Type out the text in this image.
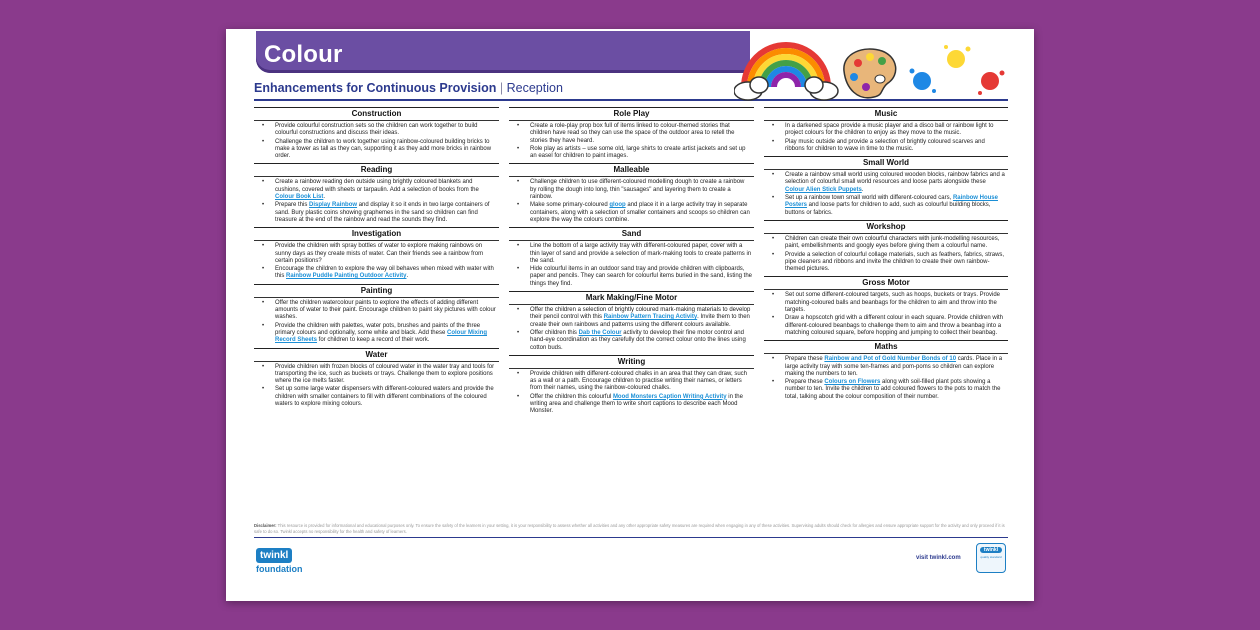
Colour
Enhancements for Continuous Provision | Reception
Construction
• Provide colourful construction sets so the children can work together to build colourful constructions and discuss their ideas.
• Challenge the children to work together using rainbow-coloured building bricks to make a tower as tall as they can, supporting it as they add more bricks in rainbow order.
Reading
• Create a rainbow reading den outside using brightly coloured blankets and cushions, covered with sheets or tarpaulin. Add a selection of books from the Colour Book List.
• Prepare this Display Rainbow and display it so it ends in two large containers of sand. Bury plastic coins showing graphemes in the sand so children can find treasure at the end of the rainbow and read the sounds they find.
Investigation
• Provide the children with spray bottles of water to explore making rainbows on sunny days as they create mists of water. Can their friends see a rainbow from certain positions?
• Encourage the children to explore the way oil behaves when mixed with water with this Rainbow Puddle Painting Outdoor Activity.
Painting
• Offer the children watercolour paints to explore the effects of adding different amounts of water to their paint. Encourage children to paint sky pictures with colour washes.
• Provide the children with palettes, water pots, brushes and paints of the three primary colours and optionally, some white and black. Add these Colour Mixing Record Sheets for children to keep a record of their work.
Water
• Provide children with frozen blocks of coloured water in the water tray and tools for transporting the ice, such as buckets or trays. Challenge them to explore positions where the ice melts faster.
• Set up some large water dispensers with different-coloured waters and provide the children with smaller containers to fill with different combinations of the coloured waters to explore mixing colours.
Role Play
• Create a role-play prop box full of items linked to colour-themed stories that children have read so they can use the space of the outdoor area to retell the stories they have heard.
• Role play as artists – use some old, large shirts to create artist jackets and set up an easel for children to paint images.
Malleable
• Challenge children to use different-coloured modelling dough to create a rainbow by rolling the dough into long, thin "sausages" and layering them to create a rainbow.
• Make some primary-coloured gloop and place it in a large activity tray in separate containers, along with a selection of smaller containers and scoops so children can explore the way the colours combine.
Sand
• Line the bottom of a large activity tray with different-coloured paper, cover with a thin layer of sand and provide a selection of mark-making tools to create patterns in the sand.
• Hide colourful items in an outdoor sand tray and provide children with clipboards, paper and pencils. They can search for colourful items buried in the sand, listing the things they find.
Mark Making/Fine Motor
• Offer the children a selection of brightly coloured mark-making materials to develop their pencil control with this Rainbow Pattern Tracing Activity. Invite them to then create their own rainbows and patterns using the different colours available.
• Offer children this Dab the Colour activity to develop their fine motor control and hand-eye coordination as they carefully dot the correct colour onto the lines using cotton buds.
Writing
• Provide children with different-coloured chalks in an area that they can draw, such as a wall or a path. Encourage children to practise writing their names, or letters from their names, using the rainbow-coloured chalks.
• Offer the children this colourful Mood Monsters Caption Writing Activity in the writing area and challenge them to write short captions to describe each Mood Monster.
Music
• In a darkened space provide a music player and a disco ball or rainbow light to project colours for the children to enjoy as they move to the music.
• Play music outside and provide a selection of brightly coloured scarves and ribbons for children to wave in time to the music.
Small World
• Create a rainbow small world using coloured wooden blocks, rainbow fabrics and a selection of colourful small world resources and loose parts alongside these Colour Alien Stick Puppets.
• Set up a rainbow town small world with different-coloured cars, Rainbow House Posters and loose parts for children to add, such as colourful building blocks, buttons or fabrics.
Workshop
• Children can create their own colourful characters with junk-modelling resources, paint, embellishments and googly eyes before giving them a colourful name.
• Provide a selection of colourful collage materials, such as feathers, fabrics, straws, pipe cleaners and ribbons and invite the children to create their own rainbow-themed pictures.
Gross Motor
• Set out some different-coloured targets, such as hoops, buckets or trays. Provide matching-coloured balls and beanbags for the children to aim and throw into the targets.
• Draw a hopscotch grid with a different colour in each square. Provide children with different-coloured beanbags to challenge them to aim and throw a beanbag into a matching coloured square, before hopping and jumping to collect their beanbag.
Maths
• Prepare these Rainbow and Pot of Gold Number Bonds of 10 cards. Place in a large activity tray with some ten-frames and pom-poms so children can explore making the numbers to ten.
• Prepare these Colours on Flowers along with soil-filled plant pots showing a number to ten. Invite the children to add coloured flowers to the pots to match the total, talking about the colour composition of their number.
Disclaimer: This resource is provided for informational and educational purposes only. To ensure the safety of the learners in your setting, it is your responsibility to assess whether all activities and any other appropriate safety measures are required when engaging in any of these activities. Supervising adults should check for allergies and ensure appropriate support for the activity and only proceed if it is safe to do so. Twinkl accepts no responsibility for the health and safety of learners.
twinkl
foundation
visit twinkl.com
twinkl
quality standard
